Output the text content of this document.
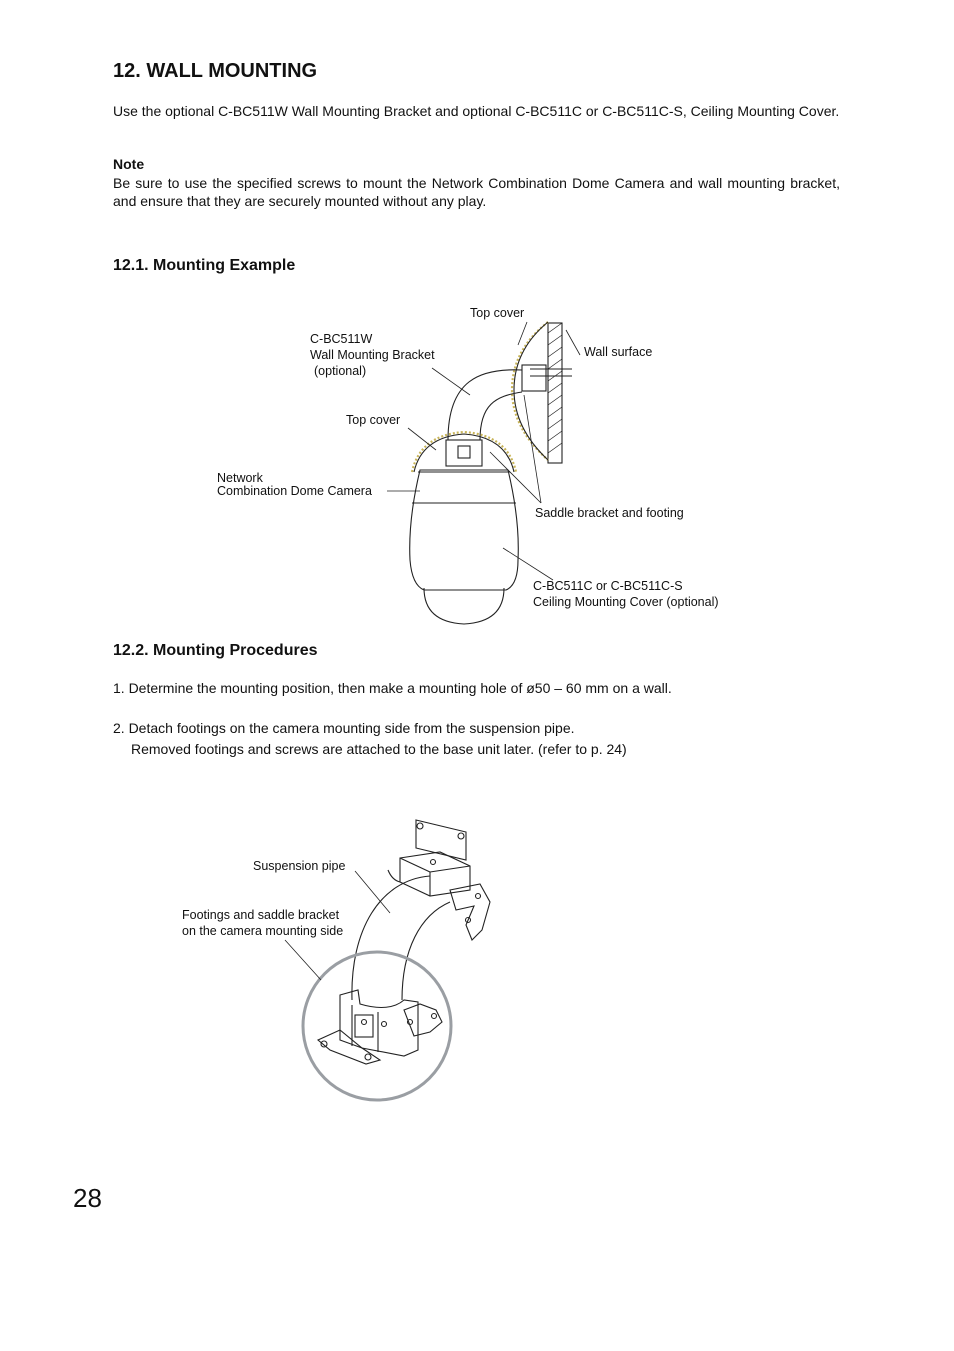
12. WALL MOUNTING

Use the optional C-BC511W Wall Mounting Bracket and optional C-BC511C or C-BC511C-S, Ceiling Mounting Cover.

Note

Be sure to use the specified screws to mount the Network Combination Dome Camera and wall mounting bracket, and ensure that they are securely mounted without any play.

12.1. Mounting Example
Top cover
C-BC511W
Wall Mounting Bracket
(optional)
Wall surface
Top cover
Network
Combination Dome Camera
Saddle bracket and footing
C-BC511C or C-BC511C-S
Ceiling Mounting Cover (optional)
12.2. Mounting Procedures
1. Determine the mounting position, then make a mounting hole of ø50 – 60 mm on a wall.
2. Detach footings on the camera mounting side from the suspension pipe.
Removed footings and screws are attached to the base unit later. (refer to p. 24)
Suspension pipe
Footings and saddle bracket
on the camera mounting side
28
